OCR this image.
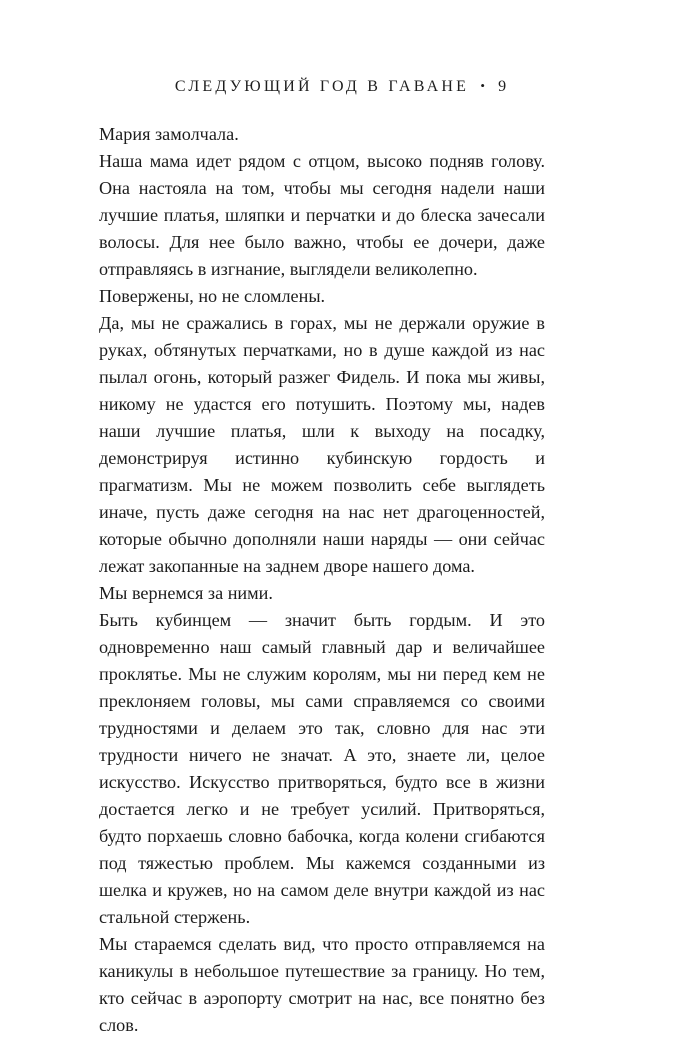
СЛЕДУЮЩИЙ ГОД В ГАВАНЕ • 9

Мария замолчала.

Наша мама идет рядом с отцом, высоко подняв голову. Она настояла на том, чтобы мы сегодня надели наши лучшие платья, шляпки и перчатки и до блеска зачесали волосы. Для нее было важно, чтобы ее дочери, даже отправляясь в изгнание, выглядели великолепно.

Повержены, но не сломлены.

Да, мы не сражались в горах, мы не держали оружие в руках, обтянутых перчатками, но в душе каждой из нас пылал огонь, который разжег Фидель. И пока мы живы, никому не удастся его потушить. Поэтому мы, надев наши лучшие платья, шли к выходу на посадку, демонстрируя истинно кубинскую гордость и прагматизм. Мы не можем позволить себе выглядеть иначе, пусть даже сегодня на нас нет драгоценностей, которые обычно дополняли наши наряды — они сейчас лежат закопанные на заднем дворе нашего дома.

Мы вернемся за ними.

Быть кубинцем — значит быть гордым. И это одновременно наш самый главный дар и величайшее проклятье. Мы не служим королям, мы ни перед кем не преклоняем головы, мы сами справляемся со своими трудностями и делаем это так, словно для нас эти трудности ничего не значат. А это, знаете ли, целое искусство. Искусство притворяться, будто все в жизни достается легко и не требует усилий. Притворяться, будто порхаешь словно бабочка, когда колени сгибаются под тяжестью проблем. Мы кажемся созданными из шелка и кружев, но на самом деле внутри каждой из нас стальной стержень.

Мы стараемся сделать вид, что просто отправляемся на каникулы в небольшое путешествие за границу. Но тем, кто сейчас в аэропорту смотрит на нас, все понятно без слов.
